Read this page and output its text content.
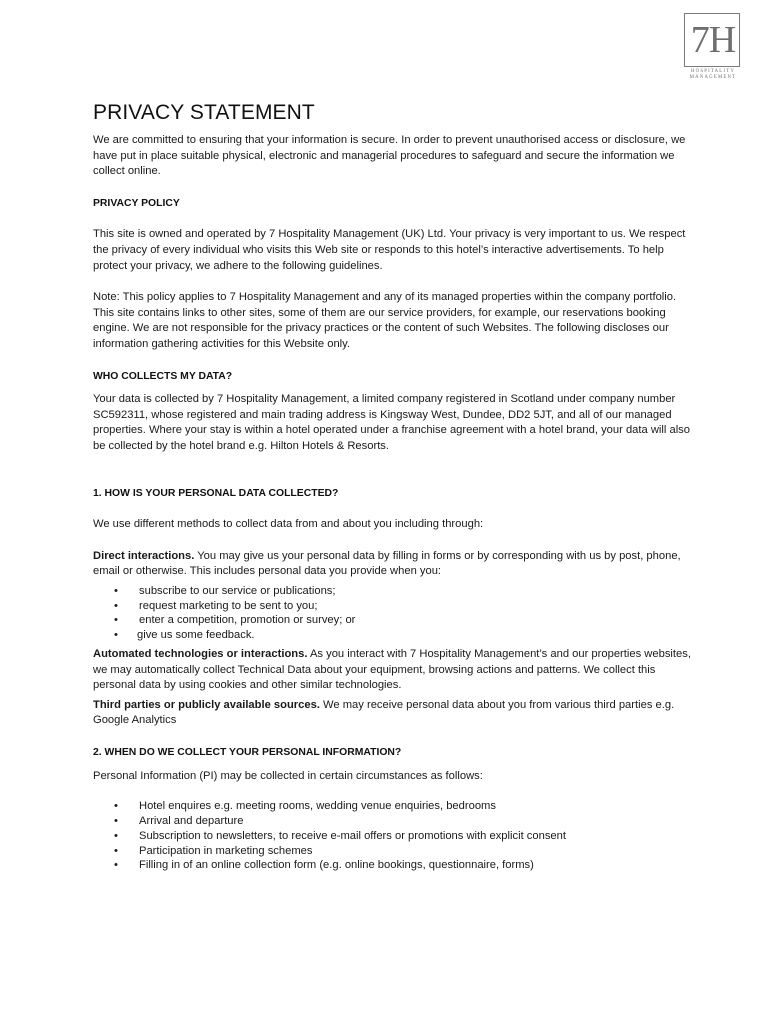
7H
HOSPITALITY
MANAGEMENT
PRIVACY STATEMENT

We are committed to ensuring that your information is secure. In order to prevent unauthorised access or disclosure, we have put in place suitable physical, electronic and managerial procedures to safeguard and secure the information we collect online.

PRIVACY POLICY

This site is owned and operated by 7 Hospitality Management (UK) Ltd. Your privacy is very important to us. We respect the privacy of every individual who visits this Web site or responds to this hotel’s interactive advertisements. To help protect your privacy, we adhere to the following guidelines.

Note: This policy applies to 7 Hospitality Management and any of its managed properties within the company portfolio. This site contains links to other sites, some of them are our service providers, for example, our reservations booking engine. We are not responsible for the privacy practices or the content of such Websites. The following discloses our information gathering activities for this Website only.

WHO COLLECTS MY DATA?

Your data is collected by 7 Hospitality Management, a limited company registered in Scotland under company number SC592311, whose registered and main trading address is Kingsway West, Dundee, DD2 5JT, and all of our managed properties. Where your stay is within a hotel operated under a franchise agreement with a hotel brand, your data will also be collected by the hotel brand e.g. Hilton Hotels & Resorts.

1. HOW IS YOUR PERSONAL DATA COLLECTED?

We use different methods to collect data from and about you including through:

Direct interactions. You may give us your personal data by filling in forms or by corresponding with us by post, phone, email or otherwise. This includes personal data you provide when you:

• subscribe to our service or publications;
• request marketing to be sent to you;
• enter a competition, promotion or survey; or
• give us some feedback.

Automated technologies or interactions. As you interact with 7 Hospitality Management’s and our properties websites, we may automatically collect Technical Data about your equipment, browsing actions and patterns. We collect this personal data by using cookies and other similar technologies.

Third parties or publicly available sources. We may receive personal data about you from various third parties e.g. Google Analytics

2. WHEN DO WE COLLECT YOUR PERSONAL INFORMATION?

Personal Information (PI) may be collected in certain circumstances as follows:

• Hotel enquires e.g. meeting rooms, wedding venue enquiries, bedrooms
• Arrival and departure
• Subscription to newsletters, to receive e-mail offers or promotions with explicit consent
• Participation in marketing schemes
• Filling in of an online collection form (e.g. online bookings, questionnaire, forms)
